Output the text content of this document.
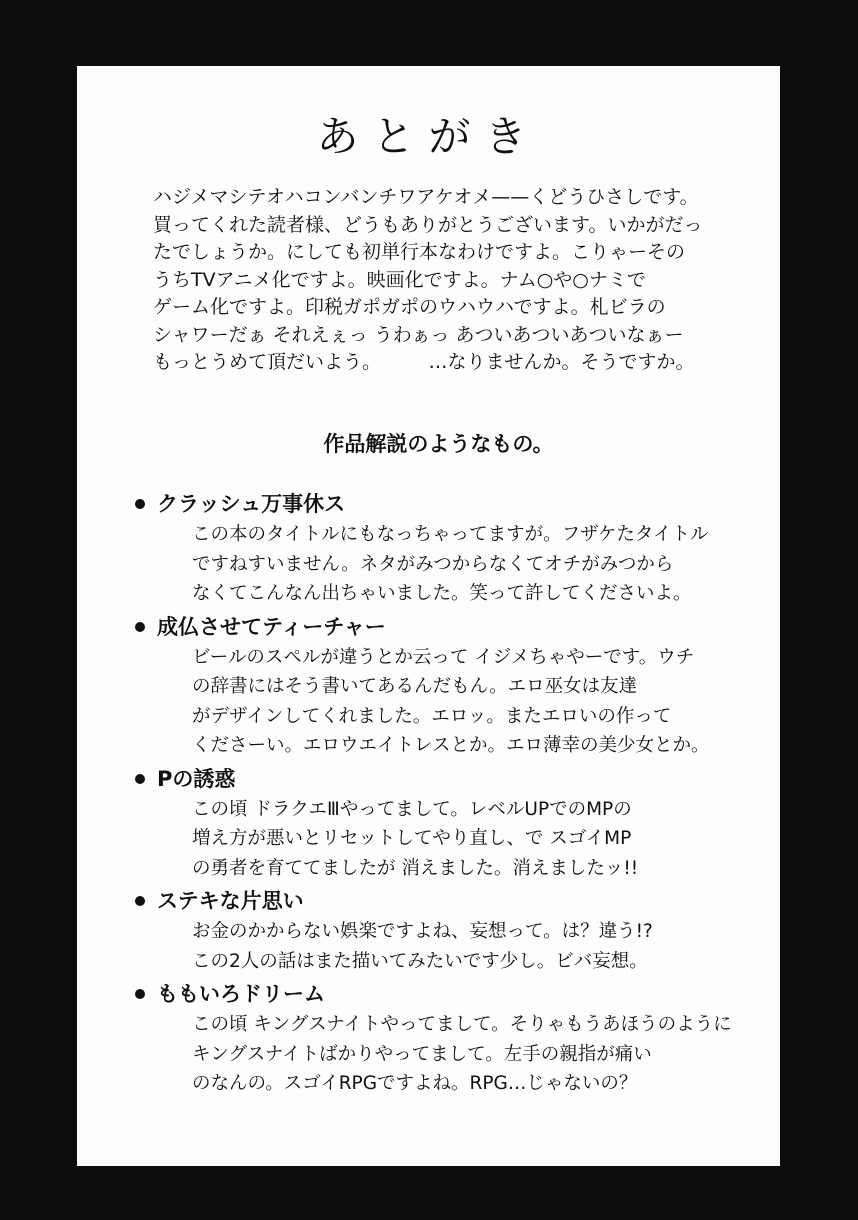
あとがき
ハジメマシテオハコンバンチワアケオメ——くどうひさしです。
買ってくれた読者様、どうもありがとうございます。いかがだっ
たでしょうか。にしても初単行本なわけですよ。こりゃーその
うちTVアニメ化ですよ。映画化ですよ。ナム○や○ナミで
ゲーム化ですよ。印税ガポガポのウハウハですよ。札ビラの
シャワーだぁ それえぇっ うわぁっ あついあついあついなぁー
もっとうめて頂だいよう。　　　…なりませんか。そうですか。
作品解説のようなもの。
クラッシュ万事休ス
この本のタイトルにもなっちゃってますが。フザケたタイトル
ですねすいません。ネタがみつからなくてオチがみつから
なくてこんなん出ちゃいました。笑って許してくださいよ。
成仏させてティーチャー
ビールのスペルが違うとか云って イジメちゃやーです。ウチ
の辞書にはそう書いてあるんだもん。エロ巫女は友達
がデザインしてくれました。エロッ。またエロいの作って
くださーい。エロウエイトレスとか。エロ薄幸の美少女とか。
Pの誘惑
この頃 ドラクエⅢやってまして。レベルUPでのMPの
増え方が悪いとリセットしてやり直し、で スゴイMP
の勇者を育ててましたが 消えました。消えましたッ!!
ステキな片思い
お金のかからない娯楽ですよね、妄想って。は？違う!?
この2人の話はまた描いてみたいです少し。ビバ妄想。
ももいろドリーム
この頃 キングスナイトやってまして。そりゃもうあほうのように
キングスナイトばかりやってまして。左手の親指が痛い
のなんの。スゴイRPGですよね。RPG…じゃないの？
